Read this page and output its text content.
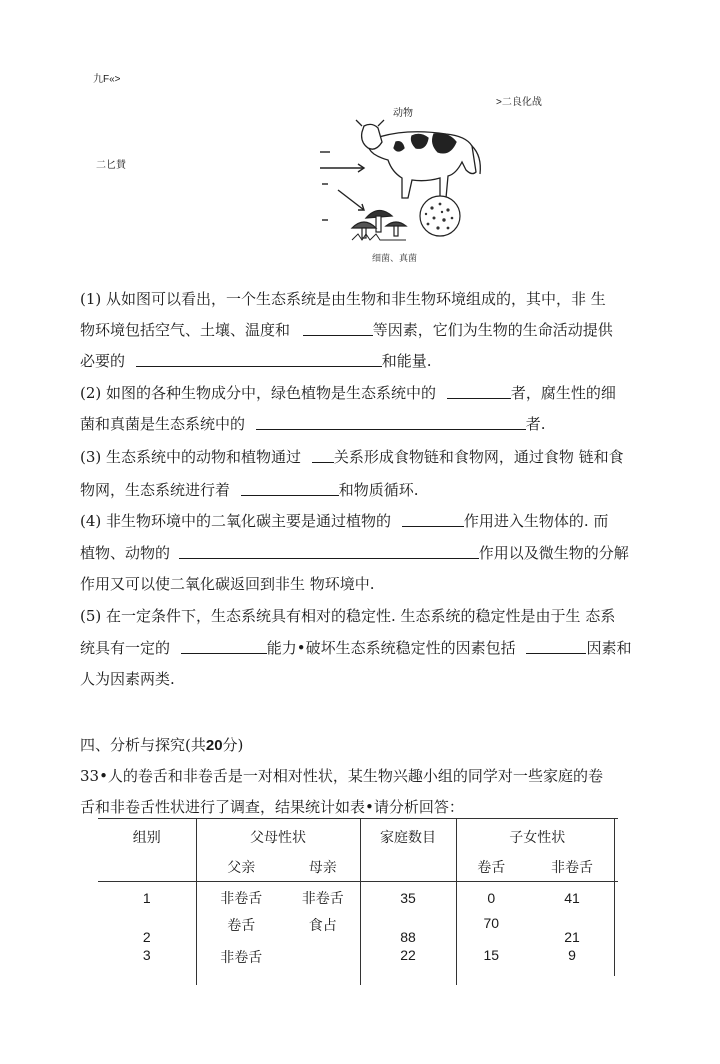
九F«>
>二良化战
二匕賛
动物
细菌、真菌
(1) 从如图可以看出，一个生态系统是由生物和非生物环境组成的，其中，非 生
物环境包括空气、土壤、温度和	等因素，它们为生物的生命活动提供
必要的	和能量.
(2) 如图的各种生物成分中，绿色植物是生态系统中的	者，腐生性的细
菌和真菌是生态系统中的	者.
(3) 生态系统中的动物和植物通过 关系形成食物链和食物网，通过食物 链和食
物网，生态系统进行着	和物质循环.
(4) 非生物环境中的二氧化碳主要是通过植物的	作用进入生物体的. 而
植物、动物的	作用以及微生物的分解
作用又可以使二氧化碳返回到非生 物环境中.
(5) 在一定条件下，生态系统具有相对的稳定性. 生态系统的稳定性是由于生 态系
统具有一定的	能力•破坏生态系统稳定性的因素包括	因素和
人为因素两类.
四、分析与探究(共20分)
33•人的卷舌和非卷舌是一对相对性状，某生物兴趣小组的同学对一些家庭的卷
舌和非卷舌性状进行了调查，结果统计如表•请分析回答：
组别	父母性状		家庭数目	子女性状	
	父亲	母亲		卷舌	非卷舌
1	非卷舌	非卷舌	35	0	41
2	卷舌	食占	88	70	21
3	非卷舌		22	15	9
